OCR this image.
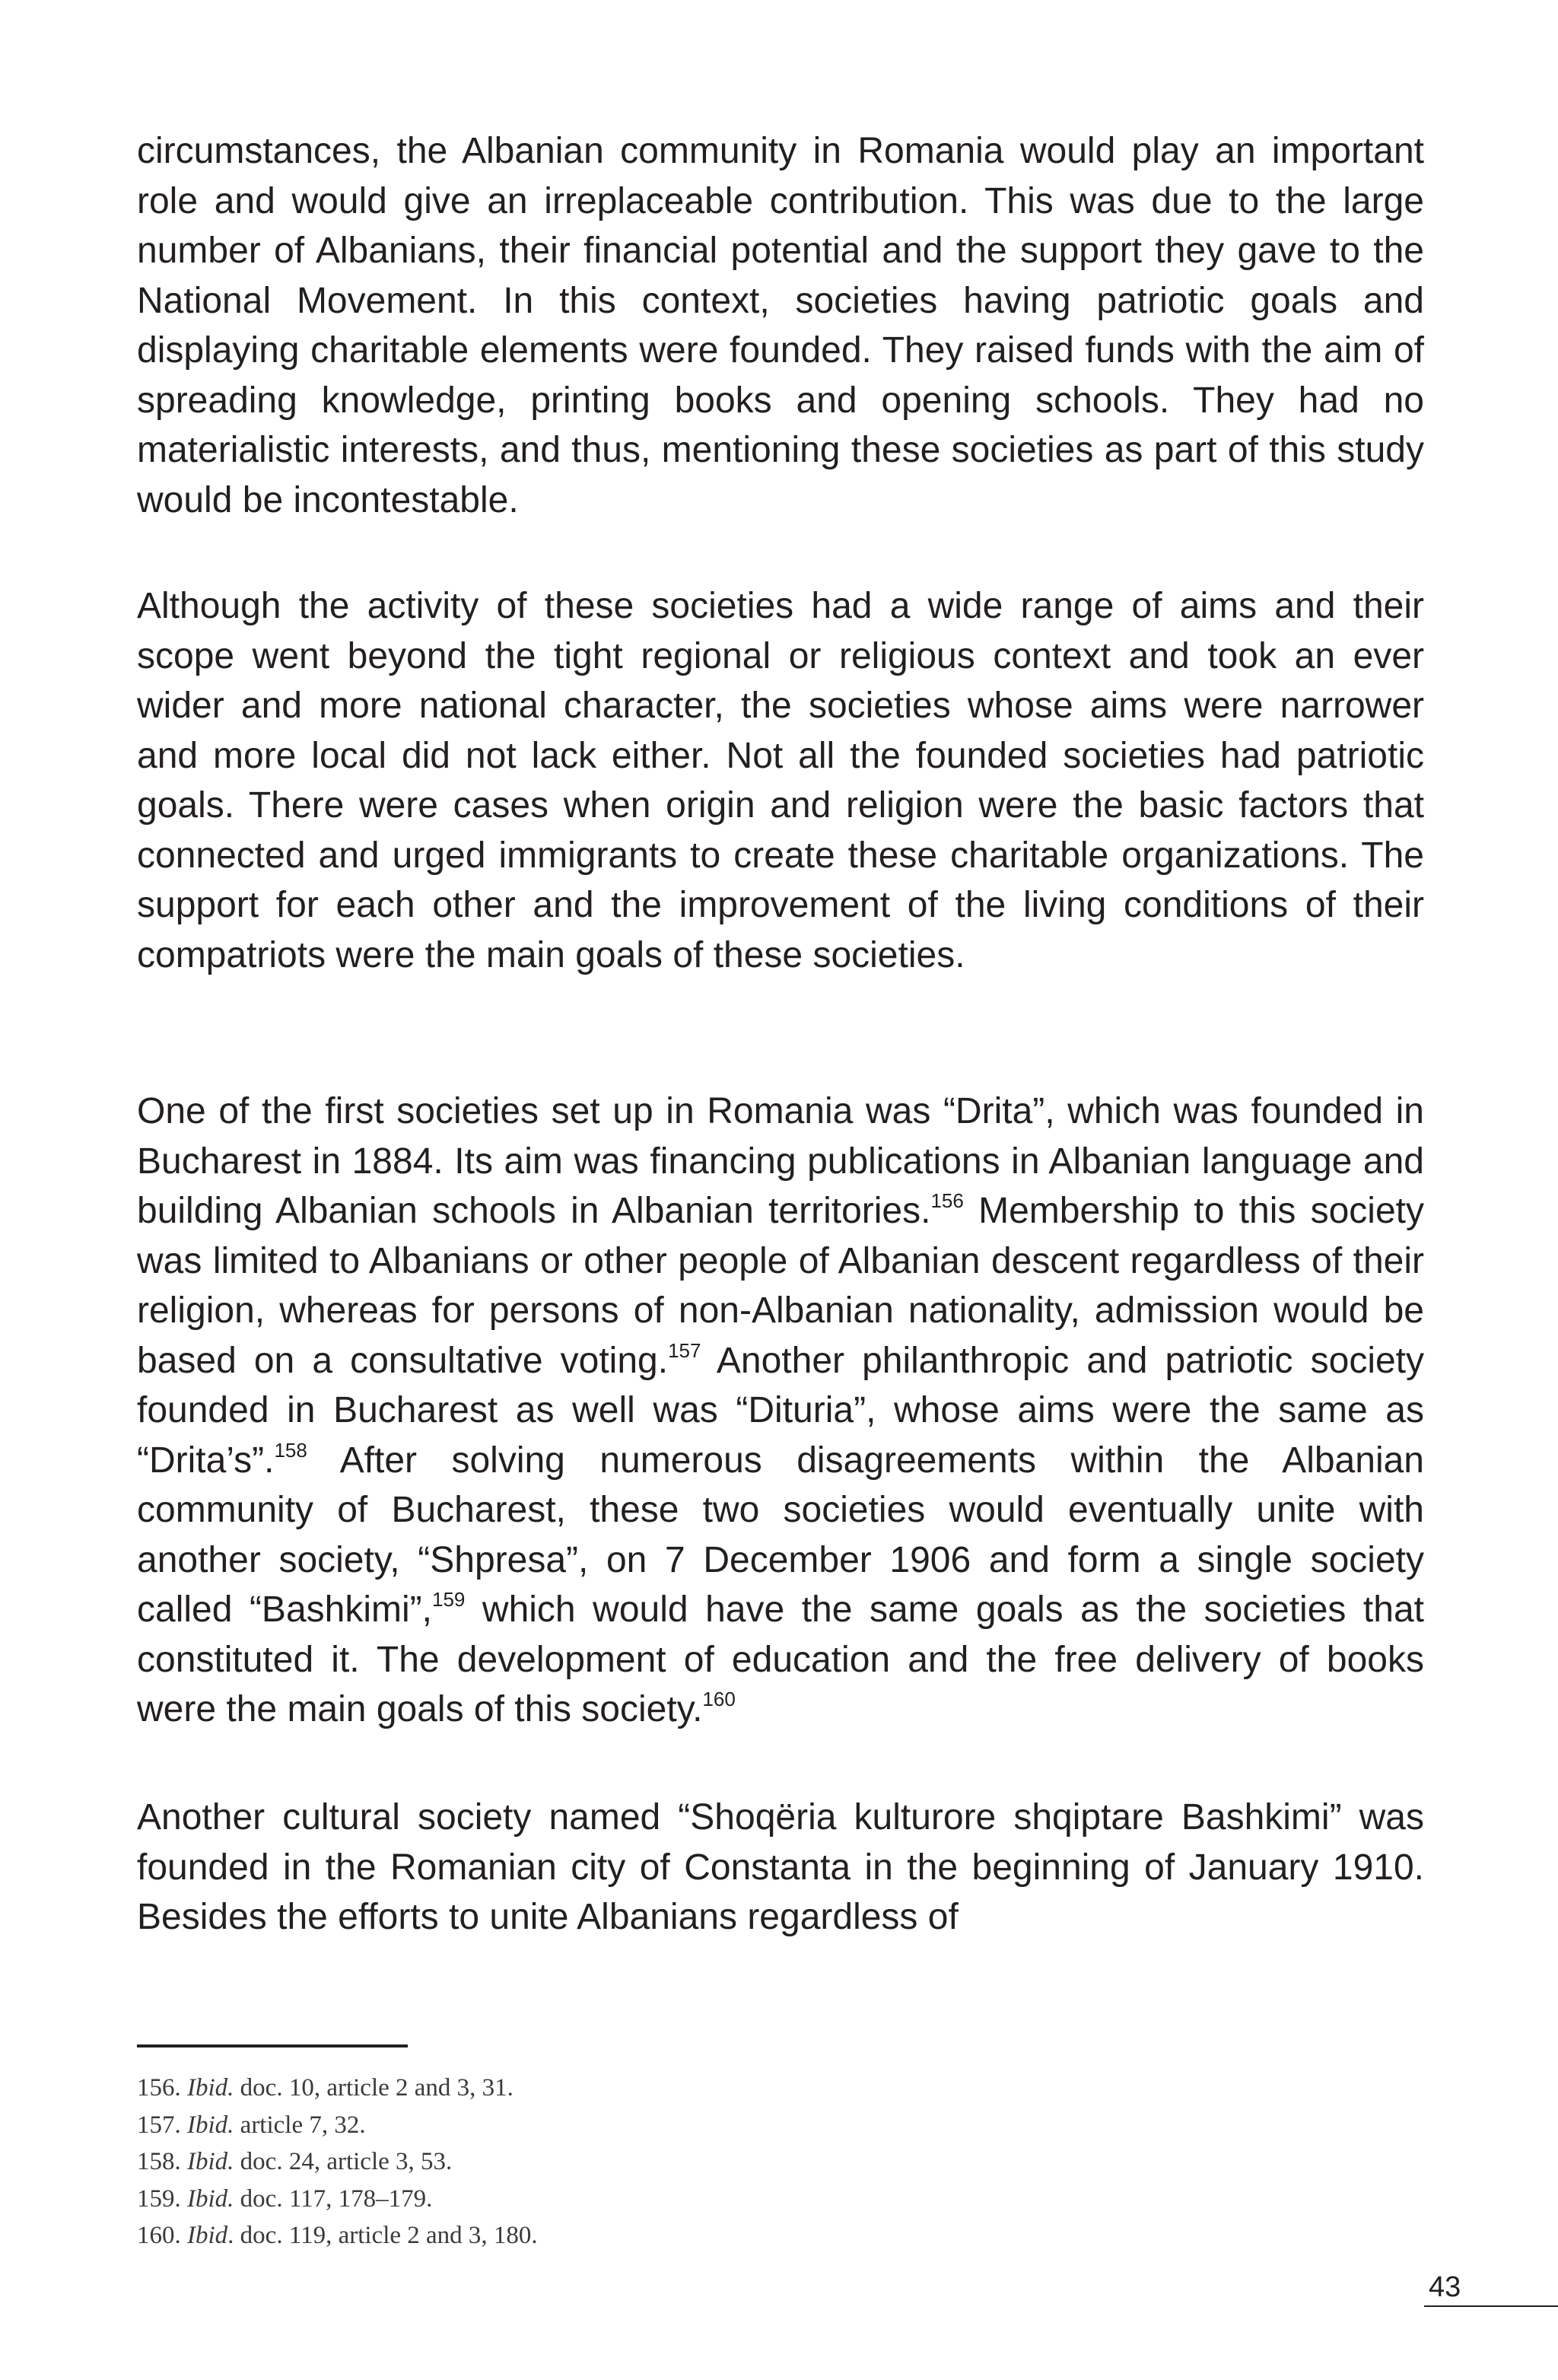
circumstances, the Albanian community in Romania would play an important role and would give an irreplaceable contribution. This was due to the large number of Albanians, their financial potential and the support they gave to the National Movement. In this context, societies having patriotic goals and displaying charitable elements were founded. They raised funds with the aim of spreading knowledge, printing books and opening schools. They had no materialistic interests, and thus, mentioning these societies as part of this study would be incontestable.

Although the activity of these societies had a wide range of aims and their scope went beyond the tight regional or religious context and took an ever wider and more national character, the societies whose aims were narrower and more local did not lack either. Not all the founded societies had patriotic goals. There were cases when origin and religion were the basic factors that connected and urged immigrants to create these charitable organizations. The support for each other and the improvement of the living conditions of their compatriots were the main goals of these societies.

One of the first societies set up in Romania was “Drita”, which was founded in Bucharest in 1884. Its aim was financing publications in Albanian language and building Albanian schools in Albanian territories.$^{156}$ Membership to this society was limited to Albanians or other people of Albanian descent regardless of their religion, whereas for persons of non-Albanian nationality, admission would be based on a consultative voting.$^{157}$ Another philanthropic and patriotic society founded in Bucharest as well was “Dituria”, whose aims were the same as “Drita’s”.$^{158}$ After solving numerous disagreements within the Albanian community of Bucharest, these two societies would eventually unite with another society, “Shpresa”, on 7 December 1906 and form a single society called “Bashkimi”,$^{159}$ which would have the same goals as the societies that constituted it. The development of education and the free delivery of books were the main goals of this society.$^{160}$

Another cultural society named “Shoqëria kulturore shqiptare Bashkimi” was founded in the Romanian city of Constanta in the beginning of January 1910. Besides the efforts to unite Albanians regardless of

156. Ibid. doc. 10, article 2 and 3, 31.
157. Ibid. article 7, 32.
158. Ibid. doc. 24, article 3, 53.
159. Ibid. doc. 117, 178–179.
160. Ibid. doc. 119, article 2 and 3, 180.
43
